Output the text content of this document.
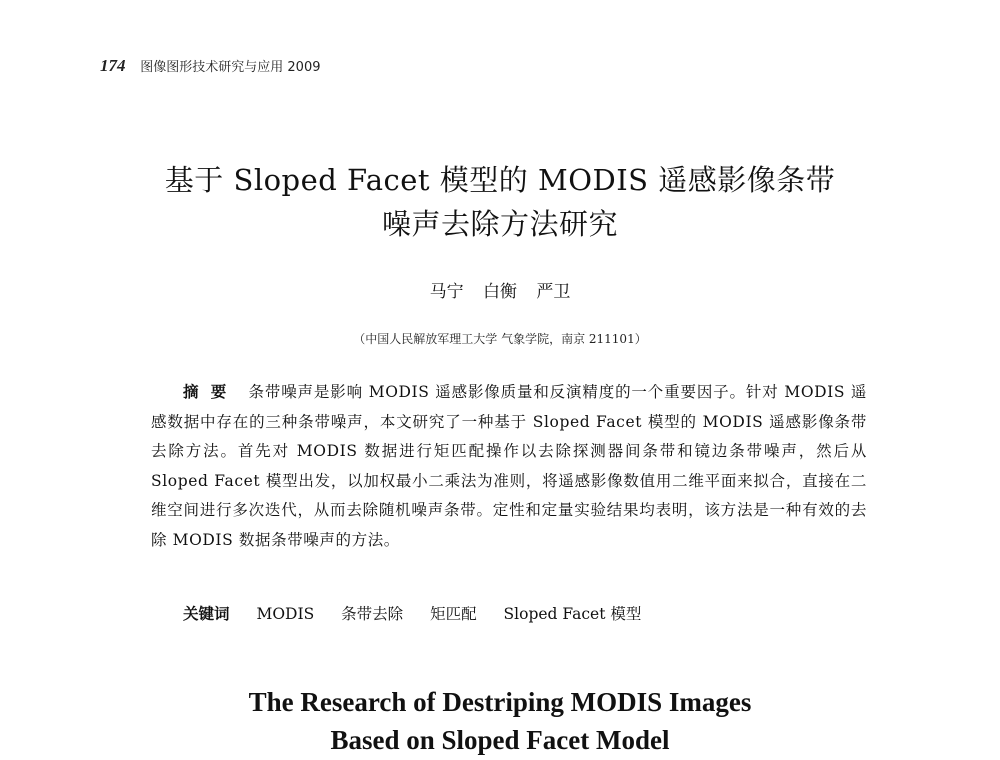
174 图像图形技术研究与应用 2009
基于 Sloped Facet 模型的 MODIS 遥感影像条带
噪声去除方法研究
马宁 白衡 严卫
（中国人民解放军理工大学 气象学院，南京 211101）
摘要 条带噪声是影响 MODIS 遥感影像质量和反演精度的一个重要因子。针对 MODIS 遥感数据中存在的三种条带噪声，本文研究了一种基于 Sloped Facet 模型的 MODIS 遥感影像条带去除方法。首先对 MODIS 数据进行矩匹配操作以去除探测器间条带和镜边条带噪声，然后从 Sloped Facet 模型出发，以加权最小二乘法为准则，将遥感影像数值用二维平面来拟合，直接在二维空间进行多次迭代，从而去除随机噪声条带。定性和定量实验结果均表明，该方法是一种有效的去除 MODIS 数据条带噪声的方法。
关键词 MODIS 条带去除 矩匹配 Sloped Facet 模型
The Research of Destriping MODIS Images
Based on Sloped Facet Model
